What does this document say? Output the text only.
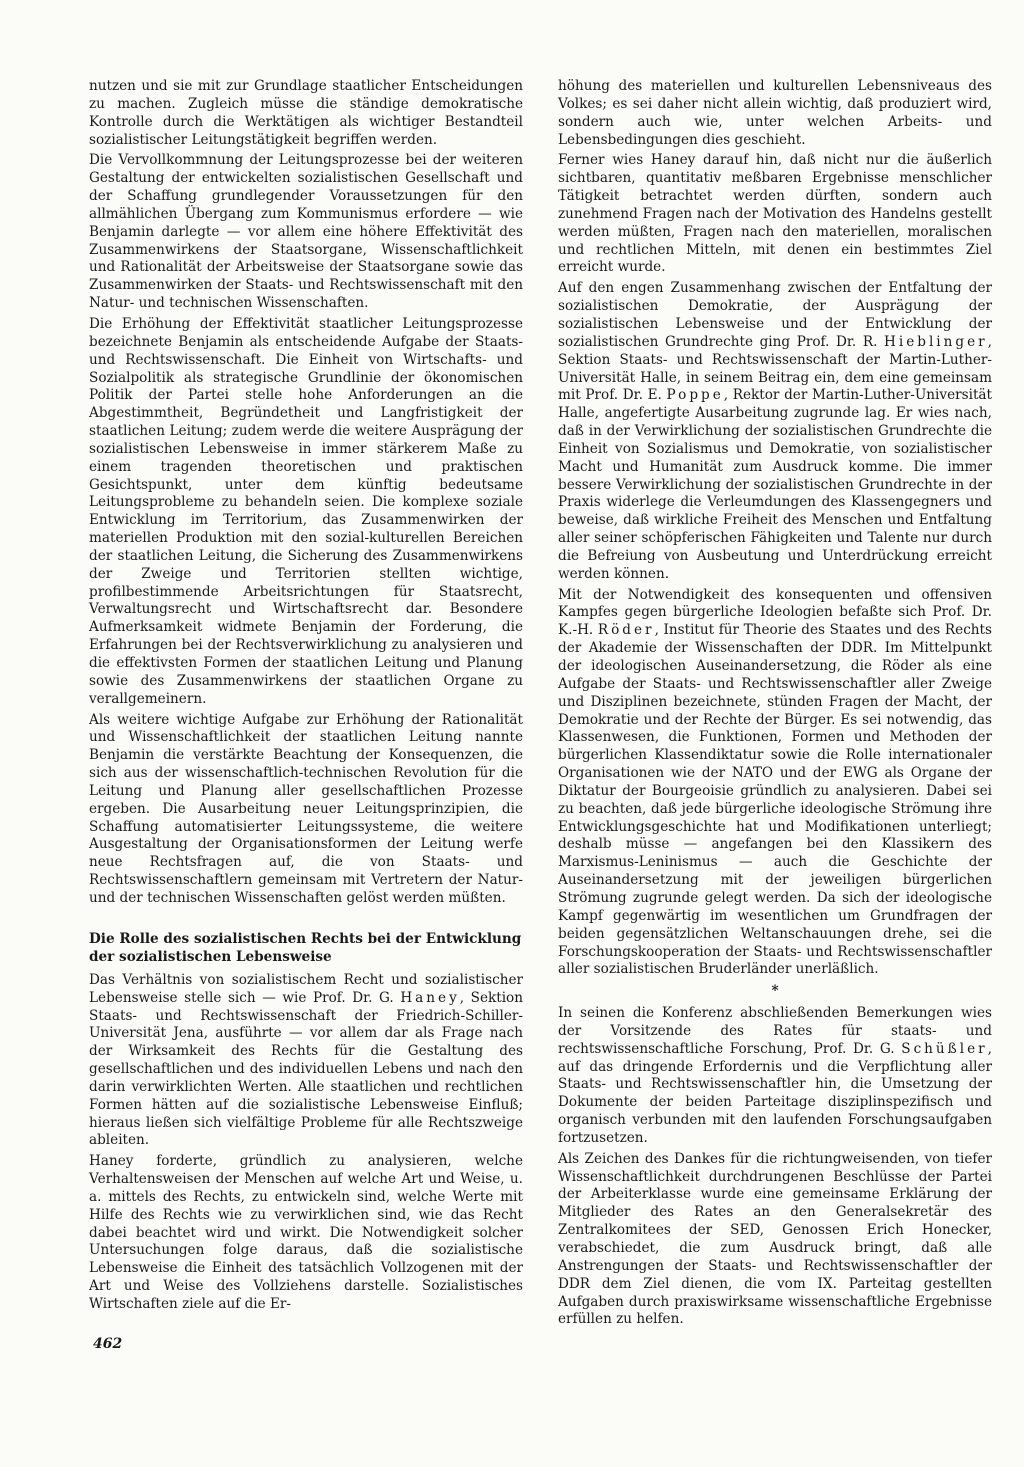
nutzen und sie mit zur Grundlage staatlicher Entscheidungen zu machen. Zugleich müsse die ständige demokratische Kontrolle durch die Werktätigen als wichtiger Bestandteil sozialistischer Leitungstätigkeit begriffen werden.

Die Vervollkommnung der Leitungsprozesse bei der weiteren Gestaltung der entwickelten sozialistischen Gesellschaft und der Schaffung grundlegender Voraussetzungen für den allmählichen Übergang zum Kommunismus erfordere — wie Benjamin darlegte — vor allem eine höhere Effektivität des Zusammenwirkens der Staatsorgane, Wissenschaftlichkeit und Rationalität der Arbeitsweise der Staatsorgane sowie das Zusammenwirken der Staats- und Rechtswissenschaft mit den Natur- und technischen Wissenschaften.

Die Erhöhung der Effektivität staatlicher Leitungsprozesse bezeichnete Benjamin als entscheidende Aufgabe der Staats- und Rechtswissenschaft. Die Einheit von Wirtschafts- und Sozialpolitik als strategische Grundlinie der ökonomischen Politik der Partei stelle hohe Anforderungen an die Abgestimmtheit, Begründetheit und Langfristigkeit der staatlichen Leitung; zudem werde die weitere Ausprägung der sozialistischen Lebensweise in immer stärkerem Maße zu einem tragenden theoretischen und praktischen Gesichtspunkt, unter dem künftig bedeutsame Leitungsprobleme zu behandeln seien. Die komplexe soziale Entwicklung im Territorium, das Zusammenwirken der materiellen Produktion mit den sozial-kulturellen Bereichen der staatlichen Leitung, die Sicherung des Zusammenwirkens der Zweige und Territorien stellten wichtige, profilbestimmende Arbeitsrichtungen für Staatsrecht, Verwaltungsrecht und Wirtschaftsrecht dar. Besondere Aufmerksamkeit widmete Benjamin der Forderung, die Erfahrungen bei der Rechtsverwirklichung zu analysieren und die effektivsten Formen der staatlichen Leitung und Planung sowie des Zusammenwirkens der staatlichen Organe zu verallgemeinern.

Als weitere wichtige Aufgabe zur Erhöhung der Rationalität und Wissenschaftlichkeit der staatlichen Leitung nannte Benjamin die verstärkte Beachtung der Konsequenzen, die sich aus der wissenschaftlich-technischen Revolution für die Leitung und Planung aller gesellschaftlichen Prozesse ergeben. Die Ausarbeitung neuer Leitungsprinzipien, die Schaffung automatisierter Leitungssysteme, die weitere Ausgestaltung der Organisationsformen der Leitung werfe neue Rechtsfragen auf, die von Staats- und Rechtswissenschaftlern gemeinsam mit Vertretern der Natur- und der technischen Wissenschaften gelöst werden müßten.

Die Rolle des sozialistischen Rechts bei der Entwicklung der sozialistischen Lebensweise

Das Verhältnis von sozialistischem Recht und sozialistischer Lebensweise stelle sich — wie Prof. Dr. G. Haney, Sektion Staats- und Rechtswissenschaft der Friedrich-Schiller-Universität Jena, ausführte — vor allem dar als Frage nach der Wirksamkeit des Rechts für die Gestaltung des gesellschaftlichen und des individuellen Lebens und nach den darin verwirklichten Werten. Alle staatlichen und rechtlichen Formen hätten auf die sozialistische Lebensweise Einfluß; hieraus ließen sich vielfältige Probleme für alle Rechtszweige ableiten.

Haney forderte, gründlich zu analysieren, welche Verhaltensweisen der Menschen auf welche Art und Weise, u. a. mittels des Rechts, zu entwickeln sind, welche Werte mit Hilfe des Rechts wie zu verwirklichen sind, wie das Recht dabei beachtet wird und wirkt. Die Notwendigkeit solcher Untersuchungen folge daraus, daß die sozialistische Lebensweise die Einheit des tatsächlich Vollzogenen mit der Art und Weise des Vollziehens darstelle. Sozialistisches Wirtschaften ziele auf die Er-

höhung des materiellen und kulturellen Lebensniveaus des Volkes; es sei daher nicht allein wichtig, daß produziert wird, sondern auch wie, unter welchen Arbeits- und Lebensbedingungen dies geschieht.

Ferner wies Haney darauf hin, daß nicht nur die äußerlich sichtbaren, quantitativ meßbaren Ergebnisse menschlicher Tätigkeit betrachtet werden dürften, sondern auch zunehmend Fragen nach der Motivation des Handelns gestellt werden müßten, Fragen nach den materiellen, moralischen und rechtlichen Mitteln, mit denen ein bestimmtes Ziel erreicht wurde.

Auf den engen Zusammenhang zwischen der Entfaltung der sozialistischen Demokratie, der Ausprägung der sozialistischen Lebensweise und der Entwicklung der sozialistischen Grundrechte ging Prof. Dr. R. Hieblinger, Sektion Staats- und Rechtswissenschaft der Martin-Luther-Universität Halle, in seinem Beitrag ein, dem eine gemeinsam mit Prof. Dr. E. Poppe, Rektor der Martin-Luther-Universität Halle, angefertigte Ausarbeitung zugrunde lag. Er wies nach, daß in der Verwirklichung der sozialistischen Grundrechte die Einheit von Sozialismus und Demokratie, von sozialistischer Macht und Humanität zum Ausdruck komme. Die immer bessere Verwirklichung der sozialistischen Grundrechte in der Praxis widerlege die Verleumdungen des Klassengegners und beweise, daß wirkliche Freiheit des Menschen und Entfaltung aller seiner schöpferischen Fähigkeiten und Talente nur durch die Befreiung von Ausbeutung und Unterdrückung erreicht werden können.

Mit der Notwendigkeit des konsequenten und offensiven Kampfes gegen bürgerliche Ideologien befaßte sich Prof. Dr. K.-H. Röder, Institut für Theorie des Staates und des Rechts der Akademie der Wissenschaften der DDR. Im Mittelpunkt der ideologischen Auseinandersetzung, die Röder als eine Aufgabe der Staats- und Rechtswissenschaftler aller Zweige und Disziplinen bezeichnete, stünden Fragen der Macht, der Demokratie und der Rechte der Bürger. Es sei notwendig, das Klassenwesen, die Funktionen, Formen und Methoden der bürgerlichen Klassendiktatur sowie die Rolle internationaler Organisationen wie der NATO und der EWG als Organe der Diktatur der Bourgeoisie gründlich zu analysieren. Dabei sei zu beachten, daß jede bürgerliche ideologische Strömung ihre Entwicklungsgeschichte hat und Modifikationen unterliegt; deshalb müsse — angefangen bei den Klassikern des Marxismus-Leninismus — auch die Geschichte der Auseinandersetzung mit der jeweiligen bürgerlichen Strömung zugrunde gelegt werden. Da sich der ideologische Kampf gegenwärtig im wesentlichen um Grundfragen der beiden gegensätzlichen Weltanschauungen drehe, sei die Forschungskooperation der Staats- und Rechtswissenschaftler aller sozialistischen Bruderländer unerläßlich.

*

In seinen die Konferenz abschließenden Bemerkungen wies der Vorsitzende des Rates für staats- und rechtswissenschaftliche Forschung, Prof. Dr. G. Schüßler, auf das dringende Erfordernis und die Verpflichtung aller Staats- und Rechtswissenschaftler hin, die Umsetzung der Dokumente der beiden Parteitage disziplinspezifisch und organisch verbunden mit den laufenden Forschungsaufgaben fortzusetzen.

Als Zeichen des Dankes für die richtungweisenden, von tiefer Wissenschaftlichkeit durchdrungenen Beschlüsse der Partei der Arbeiterklasse wurde eine gemeinsame Erklärung der Mitglieder des Rates an den Generalsekretär des Zentralkomitees der SED, Genossen Erich Honecker, verabschiedet, die zum Ausdruck bringt, daß alle Anstrengungen der Staats- und Rechtswissenschaftler der DDR dem Ziel dienen, die vom IX. Parteitag gestellten Aufgaben durch praxiswirksame wissenschaftliche Ergebnisse erfüllen zu helfen.

462
